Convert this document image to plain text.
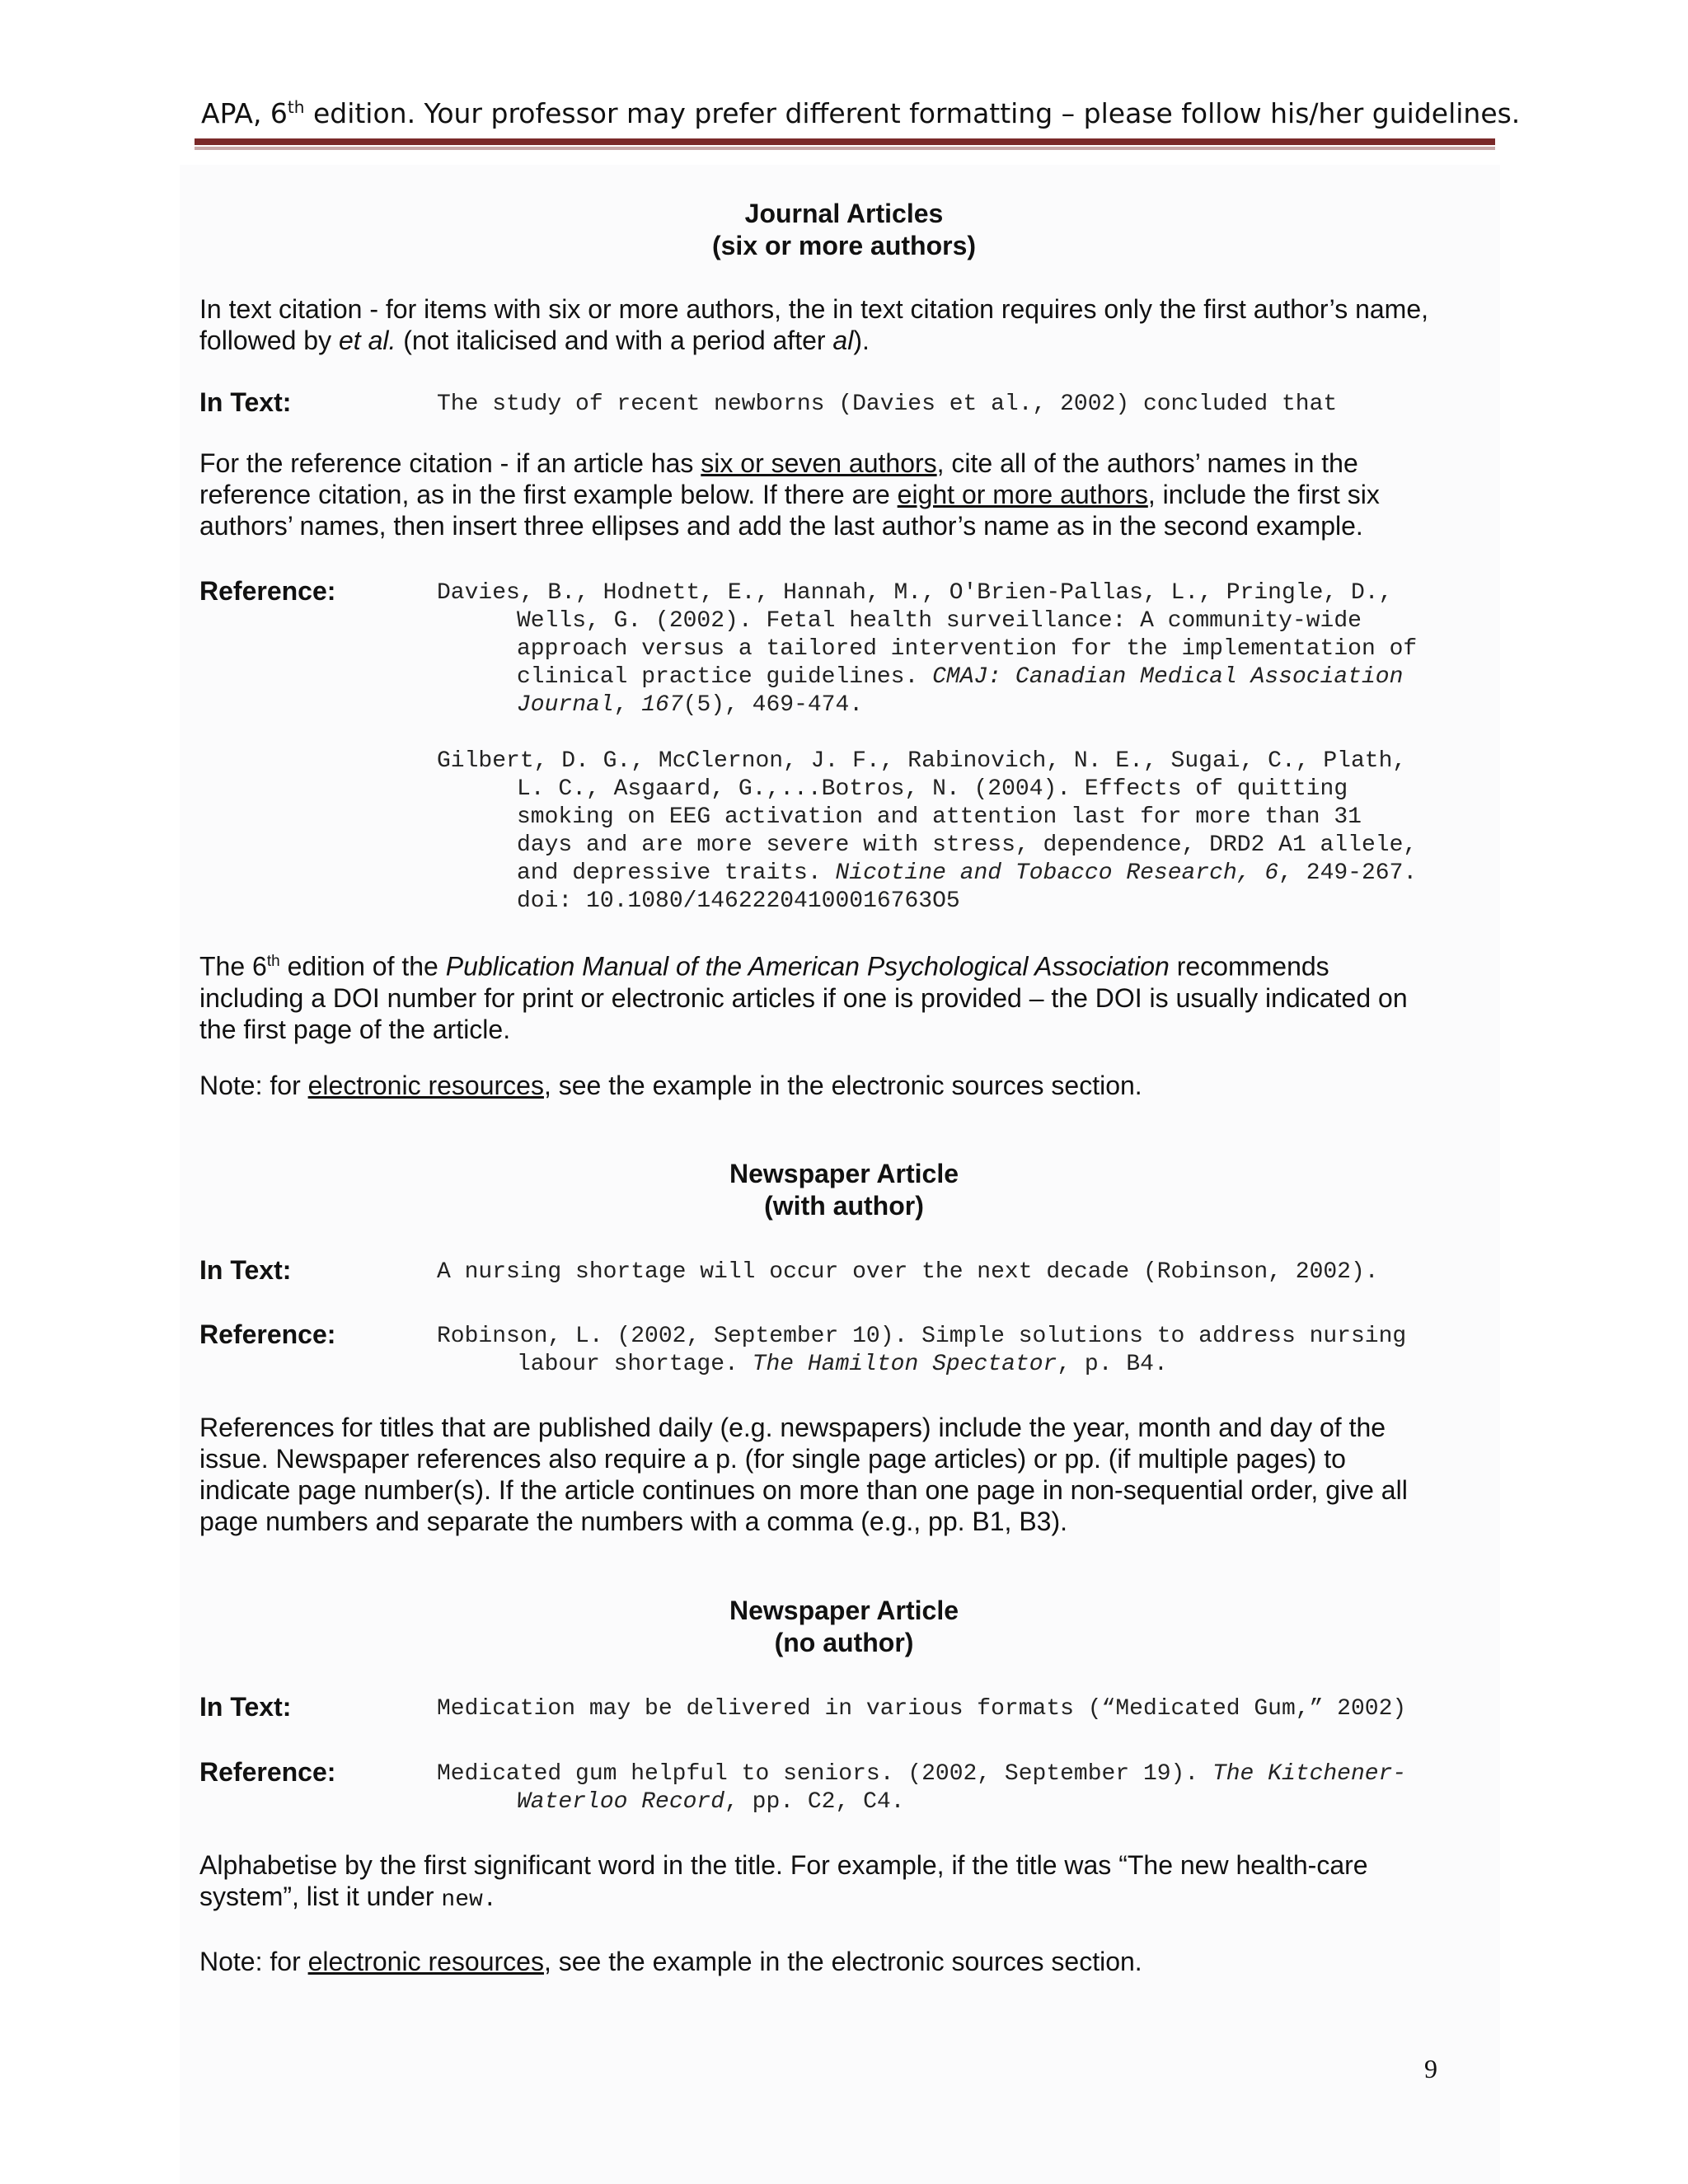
APA, 6th edition. Your professor may prefer different formatting – please follow his/her guidelines.
Journal Articles
(six or more authors)
In text citation - for items with six or more authors, the in text citation requires only the first author’s name,
followed by et al. (not italicised and with a period after al).
In Text:	The study of recent newborns (Davies et al., 2002) concluded that
For the reference citation - if an article has six or seven authors, cite all of the authors’ names in the
reference citation, as in the first example below. If there are eight or more authors, include the first six
authors’ names, then insert three ellipses and add the last author’s name as in the second example.
Reference:	Davies, B., Hodnett, E., Hannah, M., O'Brien-Pallas, L., Pringle, D.,
Wells, G. (2002). Fetal health surveillance: A community-wide
approach versus a tailored intervention for the implementation of
clinical practice guidelines. CMAJ: Canadian Medical Association
Journal, 167(5), 469-474.
Gilbert, D. G., McClernon, J. F., Rabinovich, N. E., Sugai, C., Plath,
L. C., Asgaard, G.,...Botros, N. (2004). Effects of quitting
smoking on EEG activation and attention last for more than 31
days and are more severe with stress, dependence, DRD2 A1 allele,
and depressive traits. Nicotine and Tobacco Research, 6, 249-267.
doi: 10.1080/14622204100016763O5
The 6th edition of the Publication Manual of the American Psychological Association recommends
including a DOI number for print or electronic articles if one is provided – the DOI is usually indicated on
the first page of the article.
Note: for electronic resources, see the example in the electronic sources section.
Newspaper Article
(with author)
In Text:	A nursing shortage will occur over the next decade (Robinson, 2002).
Reference:	Robinson, L. (2002, September 10). Simple solutions to address nursing
labour shortage. The Hamilton Spectator, p. B4.
References for titles that are published daily (e.g. newspapers) include the year, month and day of the
issue. Newspaper references also require a p. (for single page articles) or pp. (if multiple pages) to
indicate page number(s). If the article continues on more than one page in non-sequential order, give all
page numbers and separate the numbers with a comma (e.g., pp. B1, B3).
Newspaper Article
(no author)
In Text:	Medication may be delivered in various formats (“Medicated Gum,” 2002)
Reference:	Medicated gum helpful to seniors. (2002, September 19). The Kitchener-
Waterloo Record, pp. C2, C4.
Alphabetise by the first significant word in the title. For example, if the title was “The new health-care
system”, list it under new.
Note: for electronic resources, see the example in the electronic sources section.
9
